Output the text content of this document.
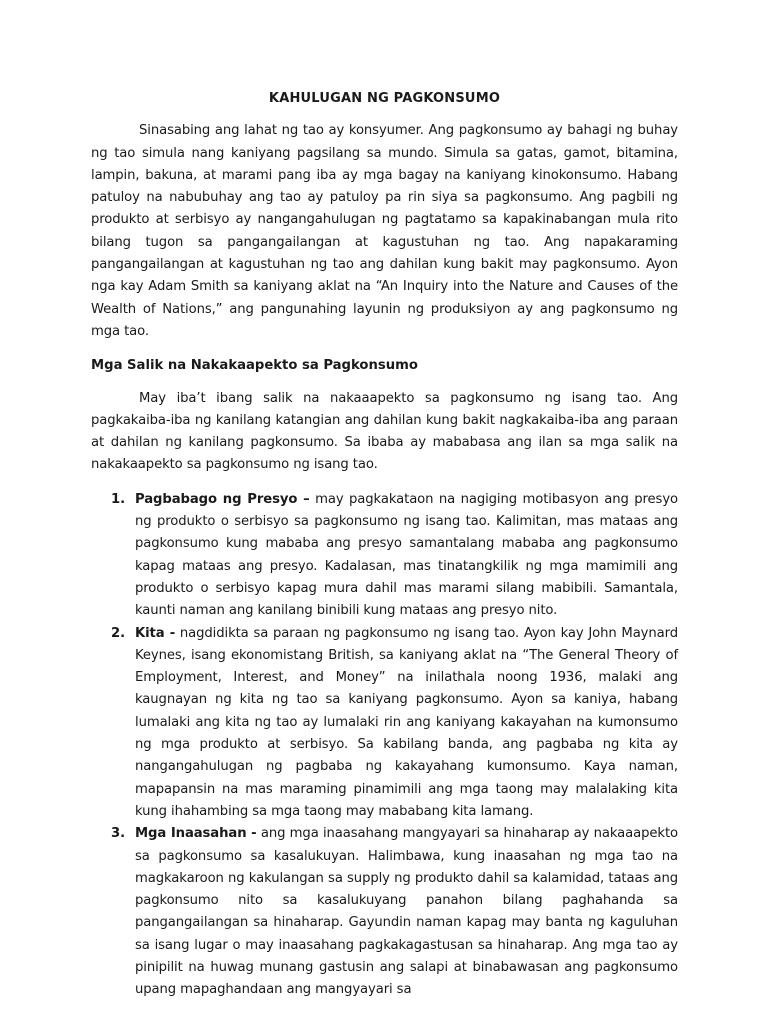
KAHULUGAN NG PAGKONSUMO

Sinasabing ang lahat ng tao ay konsyumer. Ang pagkonsumo ay bahagi ng buhay ng tao simula nang kaniyang pagsilang sa mundo. Simula sa gatas, gamot, bitamina, lampin, bakuna, at marami pang iba ay mga bagay na kaniyang kinokonsumo. Habang patuloy na nabubuhay ang tao ay patuloy pa rin siya sa pagkonsumo. Ang pagbili ng produkto at serbisyo ay nangangahulugan ng pagtatamo sa kapakinabangan mula rito bilang tugon sa pangangailangan at kagustuhan ng tao. Ang napakaraming pangangailangan at kagustuhan ng tao ang dahilan kung bakit may pagkonsumo. Ayon nga kay Adam Smith sa kaniyang aklat na “An Inquiry into the Nature and Causes of the Wealth of Nations,” ang pangunahing layunin ng produksiyon ay ang pagkonsumo ng mga tao.

Mga Salik na Nakakaapekto sa Pagkonsumo

May iba’t ibang salik na nakaaapekto sa pagkonsumo ng isang tao. Ang pagkakaiba-iba ng kanilang katangian ang dahilan kung bakit nagkakaiba-iba ang paraan at dahilan ng kanilang pagkonsumo. Sa ibaba ay mababasa ang ilan sa mga salik na nakakaapekto sa pagkonsumo ng isang tao.

1. Pagbabago ng Presyo – may pagkakataon na nagiging motibasyon ang presyo ng produkto o serbisyo sa pagkonsumo ng isang tao. Kalimitan, mas mataas ang pagkonsumo kung mababa ang presyo samantalang mababa ang pagkonsumo kapag mataas ang presyo. Kadalasan, mas tinatangkilik ng mga mamimili ang produkto o serbisyo kapag mura dahil mas marami silang mabibili. Samantala, kaunti naman ang kanilang binibili kung mataas ang presyo nito.
2. Kita - nagdidikta sa paraan ng pagkonsumo ng isang tao. Ayon kay John Maynard Keynes, isang ekonomistang British, sa kaniyang aklat na “The General Theory of Employment, Interest, and Money” na inilathala noong 1936, malaki ang kaugnayan ng kita ng tao sa kaniyang pagkonsumo. Ayon sa kaniya, habang lumalaki ang kita ng tao ay lumalaki rin ang kaniyang kakayahan na kumonsumo ng mga produkto at serbisyo. Sa kabilang banda, ang pagbaba ng kita ay nangangahulugan ng pagbaba ng kakayahang kumonsumo. Kaya naman, mapapansin na mas maraming pinamimili ang mga taong may malalaking kita kung ihahambing sa mga taong may mababang kita lamang.
3. Mga Inaasahan - ang mga inaasahang mangyayari sa hinaharap ay nakaaapekto sa pagkonsumo sa kasalukuyan. Halimbawa, kung inaasahan ng mga tao na magkakaroon ng kakulangan sa supply ng produkto dahil sa kalamidad, tataas ang pagkonsumo nito sa kasalukuyang panahon bilang paghahanda sa pangangailangan sa hinaharap. Gayundin naman kapag may banta ng kaguluhan sa isang lugar o may inaasahang pagkakagastusan sa hinaharap. Ang mga tao ay pinipilit na huwag munang gastusin ang salapi at binabawasan ang pagkonsumo upang mapaghandaan ang mangyayari sa
